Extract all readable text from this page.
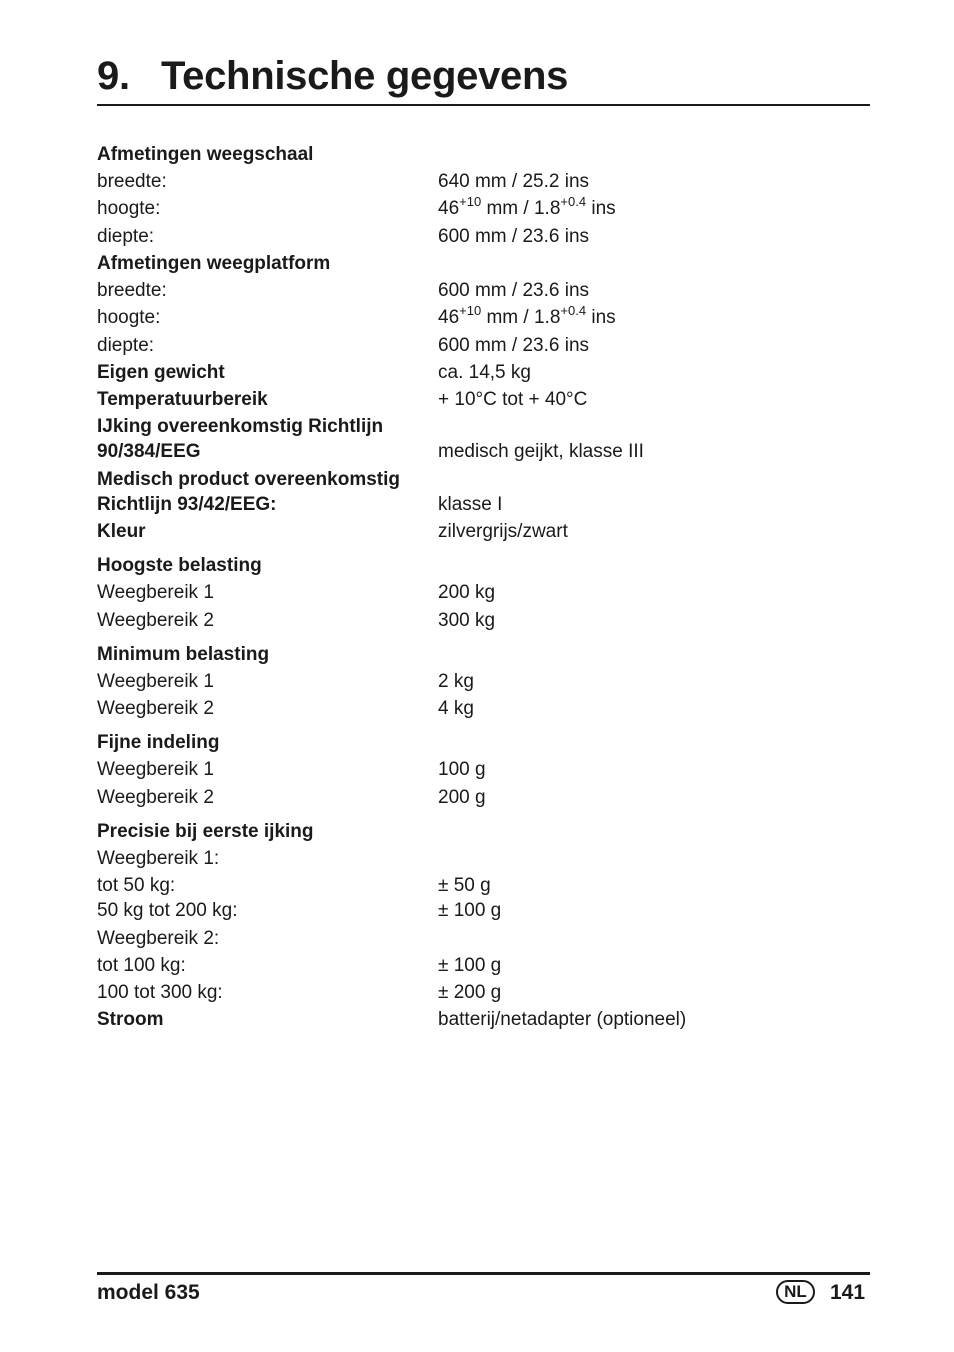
9. Technische gegevens
Afmetingen weegschaal
breedte:	640 mm / 25.2 ins
hoogte:	$46^{+10}$ mm / $1.8^{+0.4}$ ins
diepte:	600 mm / 23.6 ins
Afmetingen weegplatform
breedte:	600 mm / 23.6 ins
hoogte:	$46^{+10}$ mm / $1.8^{+0.4}$ ins
diepte:	600 mm / 23.6 ins
Eigen gewicht	ca. 14,5 kg
Temperatuurbereik	+ 10°C tot + 40°C
IJking overeenkomstig Richtlijn
90/384/EEG	medisch geijkt, klasse III
Medisch product overeenkomstig
Richtlijn 93/42/EEG:	klasse I
Kleur	zilvergrijs/zwart
Hoogste belasting
Weegbereik 1	200 kg
Weegbereik 2	300 kg
Minimum belasting
Weegbereik 1	2 kg
Weegbereik 2	4 kg
Fijne indeling
Weegbereik 1	100 g
Weegbereik 2	200 g
Precisie bij eerste ijking
Weegbereik 1:
tot 50 kg:	± 50 g
50 kg tot 200 kg:	± 100 g
Weegbereik 2:
tot 100 kg:	± 100 g
100 tot 300 kg:	± 200 g
Stroom	batterij/netadapter (optioneel)
model 635	NL	141
